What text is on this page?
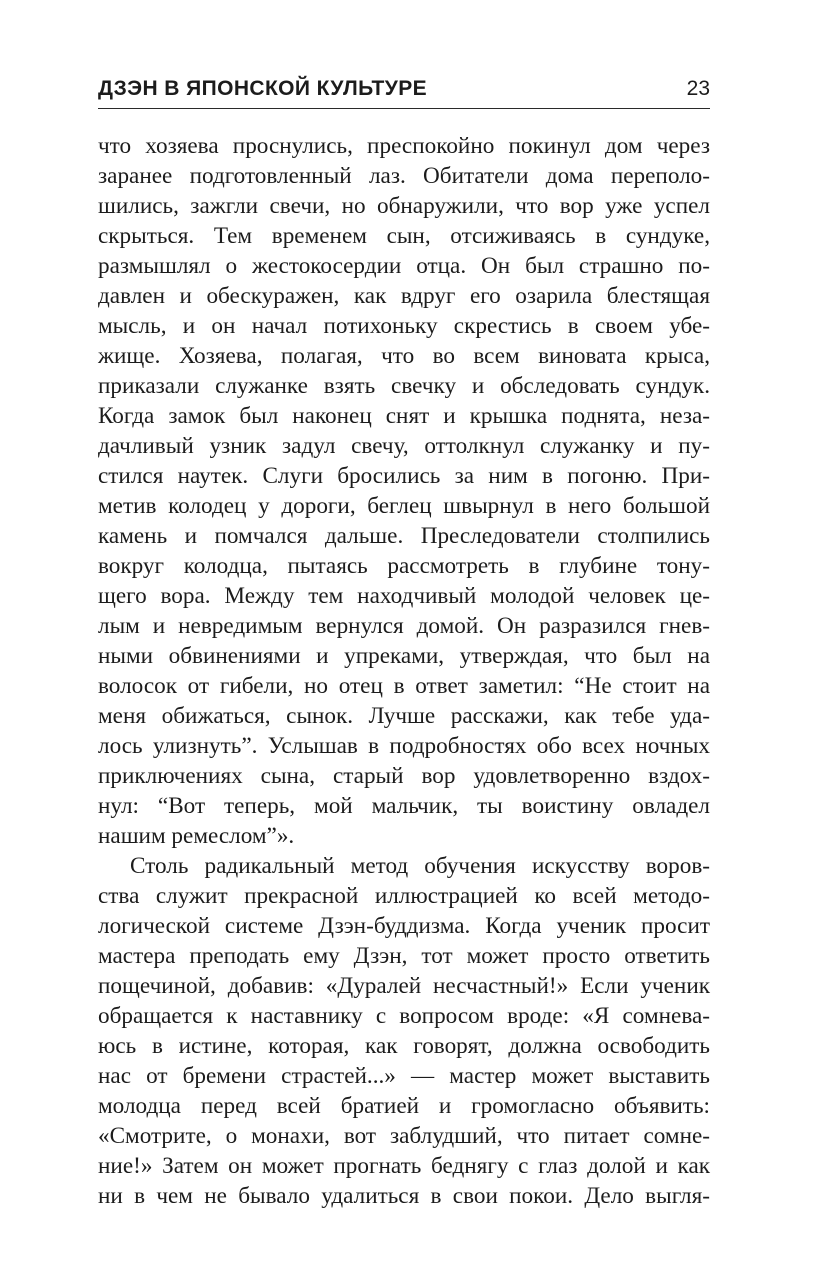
ДЗЭН В ЯПОНСКОЙ КУЛЬТУРЕ	23
что хозяева проснулись, преспокойно покинул дом через
заранее подготовленный лаз. Обитатели дома переполо-
шились, зажгли свечи, но обнаружили, что вор уже успел
скрыться. Тем временем сын, отсиживаясь в сундуке,
размышлял о жестокосердии отца. Он был страшно по-
давлен и обескуражен, как вдруг его озарила блестящая
мысль, и он начал потихоньку скрестись в своем убе-
жище. Хозяева, полагая, что во всем виновата крыса,
приказали служанке взять свечку и обследовать сундук.
Когда замок был наконец снят и крышка поднята, неза-
дачливый узник задул свечу, оттолкнул служанку и пу-
стился наутек. Слуги бросились за ним в погоню. При-
метив колодец у дороги, беглец швырнул в него большой
камень и помчался дальше. Преследователи столпились
вокруг колодца, пытаясь рассмотреть в глубине тону-
щего вора. Между тем находчивый молодой человек це-
лым и невредимым вернулся домой. Он разразился гнев-
ными обвинениями и упреками, утверждая, что был на
волосок от гибели, но отец в ответ заметил: “Не стоит на
меня обижаться, сынок. Лучше расскажи, как тебе уда-
лось улизнуть”. Услышав в подробностях обо всех ночных
приключениях сына, старый вор удовлетворенно вздох-
нул: “Вот теперь, мой мальчик, ты воистину овладел
нашим ремеслом”».
Столь радикальный метод обучения искусству воров-
ства служит прекрасной иллюстрацией ко всей методо-
логической системе Дзэн-буддизма. Когда ученик просит
мастера преподать ему Дзэн, тот может просто ответить
пощечиной, добавив: «Дуралей несчастный!» Если ученик
обращается к наставнику с вопросом вроде: «Я сомнева-
юсь в истине, которая, как говорят, должна освободить
нас от бремени страстей...» — мастер может выставить
молодца перед всей братией и громогласно объявить:
«Смотрите, о монахи, вот заблудший, что питает сомне-
ние!» Затем он может прогнать беднягу с глаз долой и как
ни в чем не бывало удалиться в свои покои. Дело выгля-
